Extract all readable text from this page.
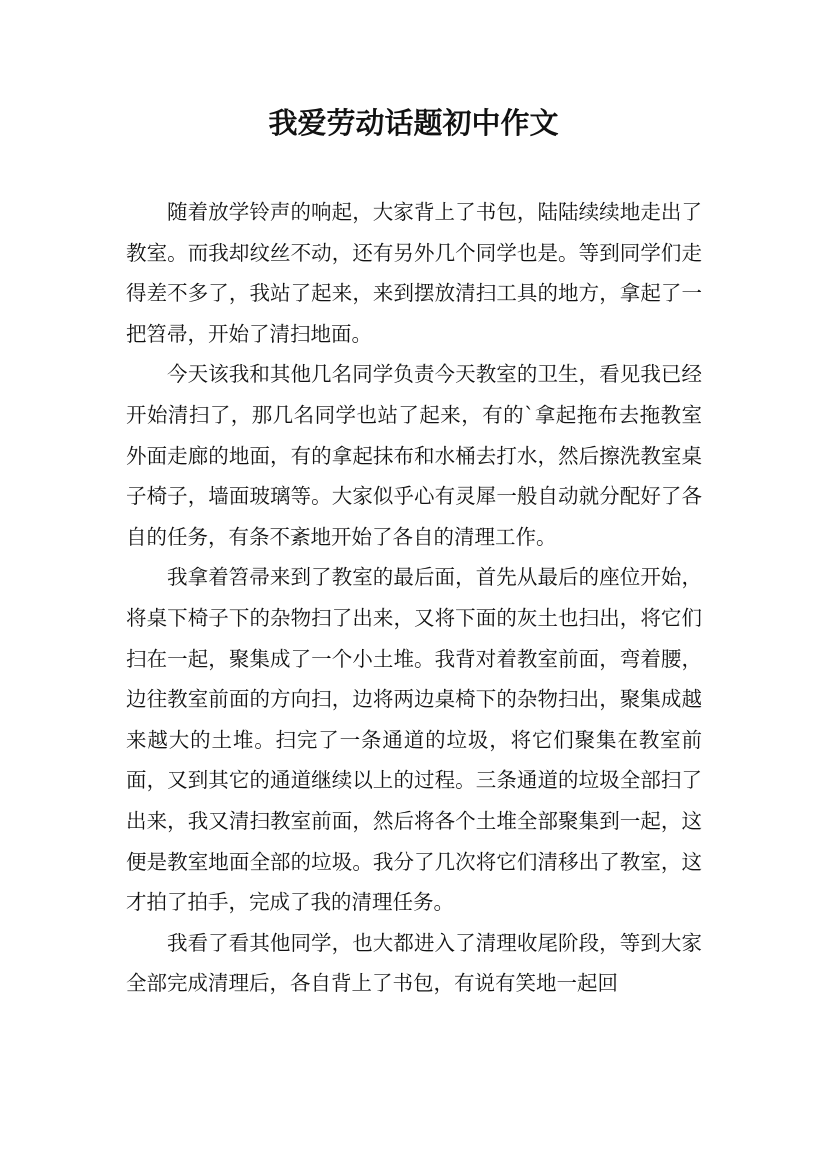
我爱劳动话题初中作文

随着放学铃声的响起，大家背上了书包，陆陆续续地走出了教室。而我却纹丝不动，还有另外几个同学也是。等到同学们走得差不多了，我站了起来，来到摆放清扫工具的地方，拿起了一把笤帚，开始了清扫地面。

今天该我和其他几名同学负责今天教室的卫生，看见我已经开始清扫了，那几名同学也站了起来，有的`拿起拖布去拖教室外面走廊的地面，有的拿起抹布和水桶去打水，然后擦洗教室桌子椅子，墙面玻璃等。大家似乎心有灵犀一般自动就分配好了各自的任务，有条不紊地开始了各自的清理工作。

我拿着笤帚来到了教室的最后面，首先从最后的座位开始，将桌下椅子下的杂物扫了出来，又将下面的灰土也扫出，将它们扫在一起，聚集成了一个小土堆。我背对着教室前面，弯着腰，边往教室前面的方向扫，边将两边桌椅下的杂物扫出，聚集成越来越大的土堆。扫完了一条通道的垃圾，将它们聚集在教室前面，又到其它的通道继续以上的过程。三条通道的垃圾全部扫了出来，我又清扫教室前面，然后将各个土堆全部聚集到一起，这便是教室地面全部的垃圾。我分了几次将它们清移出了教室，这才拍了拍手，完成了我的清理任务。

我看了看其他同学，也大都进入了清理收尾阶段，等到大家全部完成清理后，各自背上了书包，有说有笑地一起回
